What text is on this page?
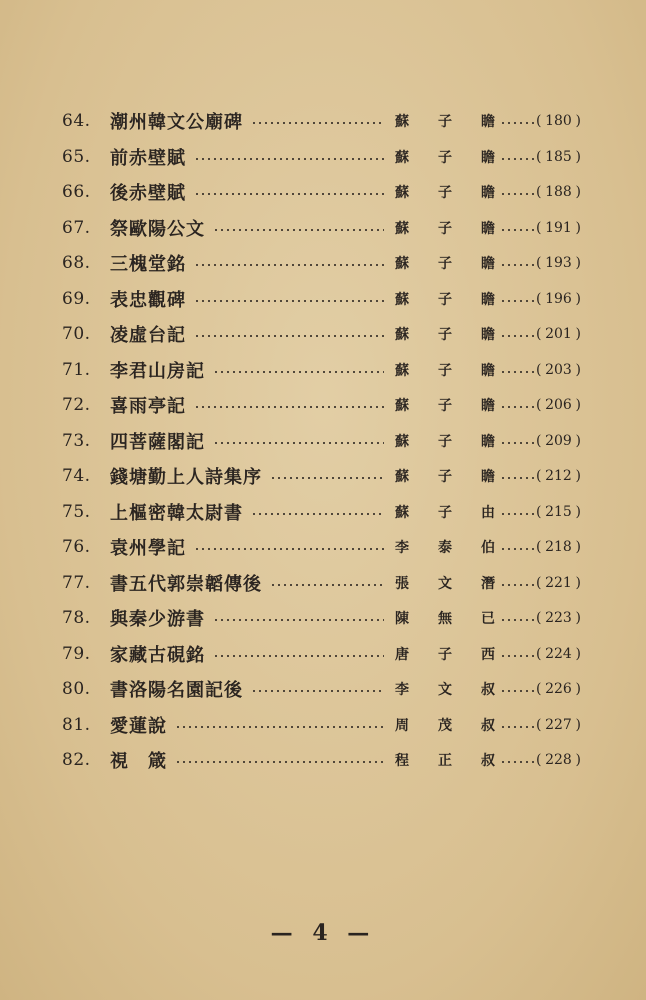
64.	潮州韓文公廟碑	蘇 子 瞻	( 180 )
65.	前赤壁賦	蘇 子 瞻	( 185 )
66.	後赤壁賦	蘇 子 瞻	( 188 )
67.	祭歐陽公文	蘇 子 瞻	( 191 )
68.	三槐堂銘	蘇 子 瞻	( 193 )
69.	表忠觀碑	蘇 子 瞻	( 196 )
70.	凌虛台記	蘇 子 瞻	( 201 )
71.	李君山房記	蘇 子 瞻	( 203 )
72.	喜雨亭記	蘇 子 瞻	( 206 )
73.	四菩薩閣記	蘇 子 瞻	( 209 )
74.	錢塘勤上人詩集序	蘇 子 瞻	( 212 )
75.	上樞密韓太尉書	蘇 子 由	( 215 )
76.	袁州學記	李 泰 伯	( 218 )
77.	書五代郭崇韜傳後	張 文 潛	( 221 )
78.	與秦少游書	陳 無 已	( 223 )
79.	家藏古硯銘	唐 子 西	( 224 )
80.	書洛陽名園記後	李 文 叔	( 226 )
81.	愛蓮說	周 茂 叔	( 227 )
82.	視　箴	程 正 叔	( 228 )
— 4 —
